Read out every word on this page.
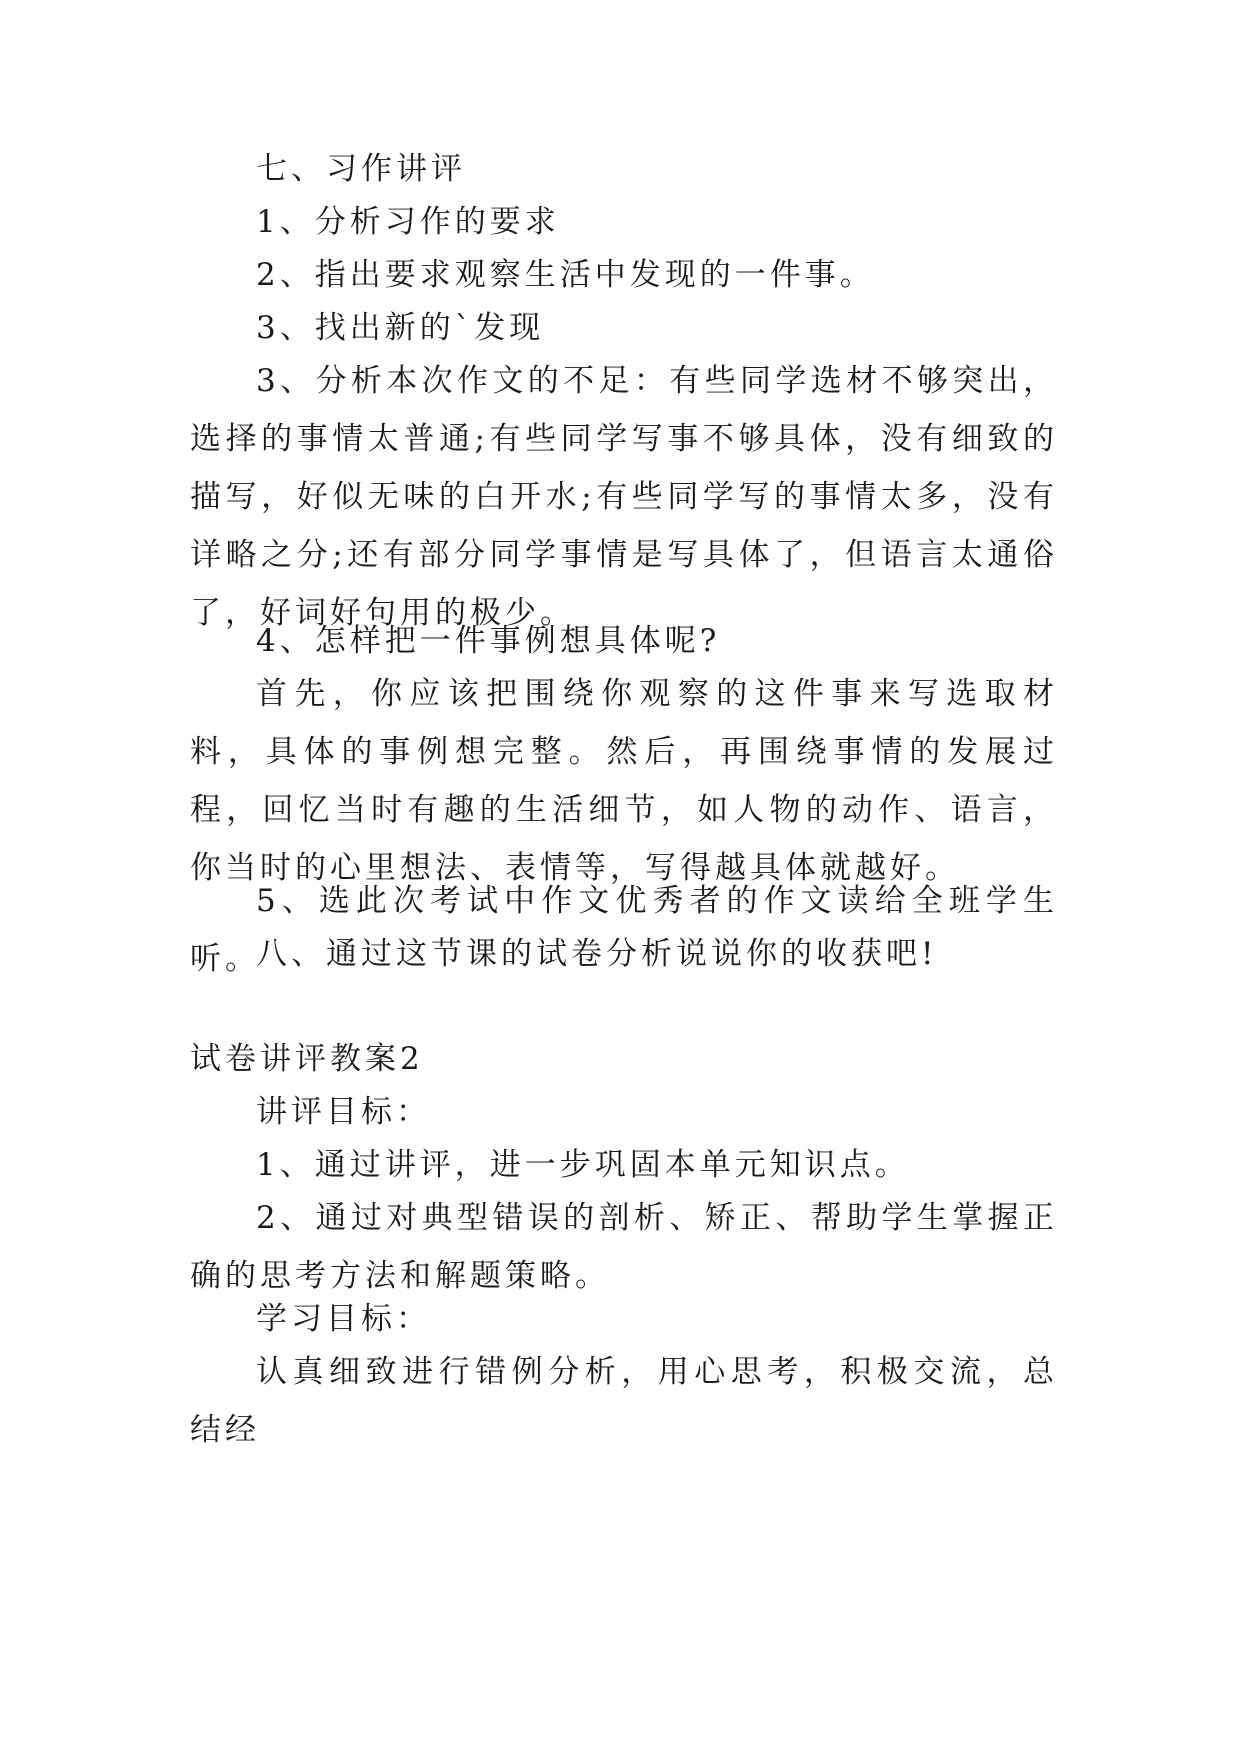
七、习作讲评

1、分析习作的要求

2、指出要求观察生活中发现的一件事。

3、找出新的`发现

3、分析本次作文的不足：有些同学选材不够突出，选择的事情太普通;有些同学写事不够具体，没有细致的描写，好似无味的白开水;有些同学写的事情太多，没有详略之分;还有部分同学事情是写具体了，但语言太通俗了，好词好句用的极少。

4、怎样把一件事例想具体呢?

首先，你应该把围绕你观察的这件事来写选取材料，具体的事例想完整。然后，再围绕事情的发展过程，回忆当时有趣的生活细节，如人物的动作、语言，你当时的心里想法、表情等，写得越具体就越好。

5、选此次考试中作文优秀者的作文读给全班学生听。

八、通过这节课的试卷分析说说你的收获吧!

试卷讲评教案2

讲评目标：

1、通过讲评，进一步巩固本单元知识点。

2、通过对典型错误的剖析、矫正、帮助学生掌握正确的思考方法和解题策略。

学习目标：

认真细致进行错例分析，用心思考，积极交流，总结经
